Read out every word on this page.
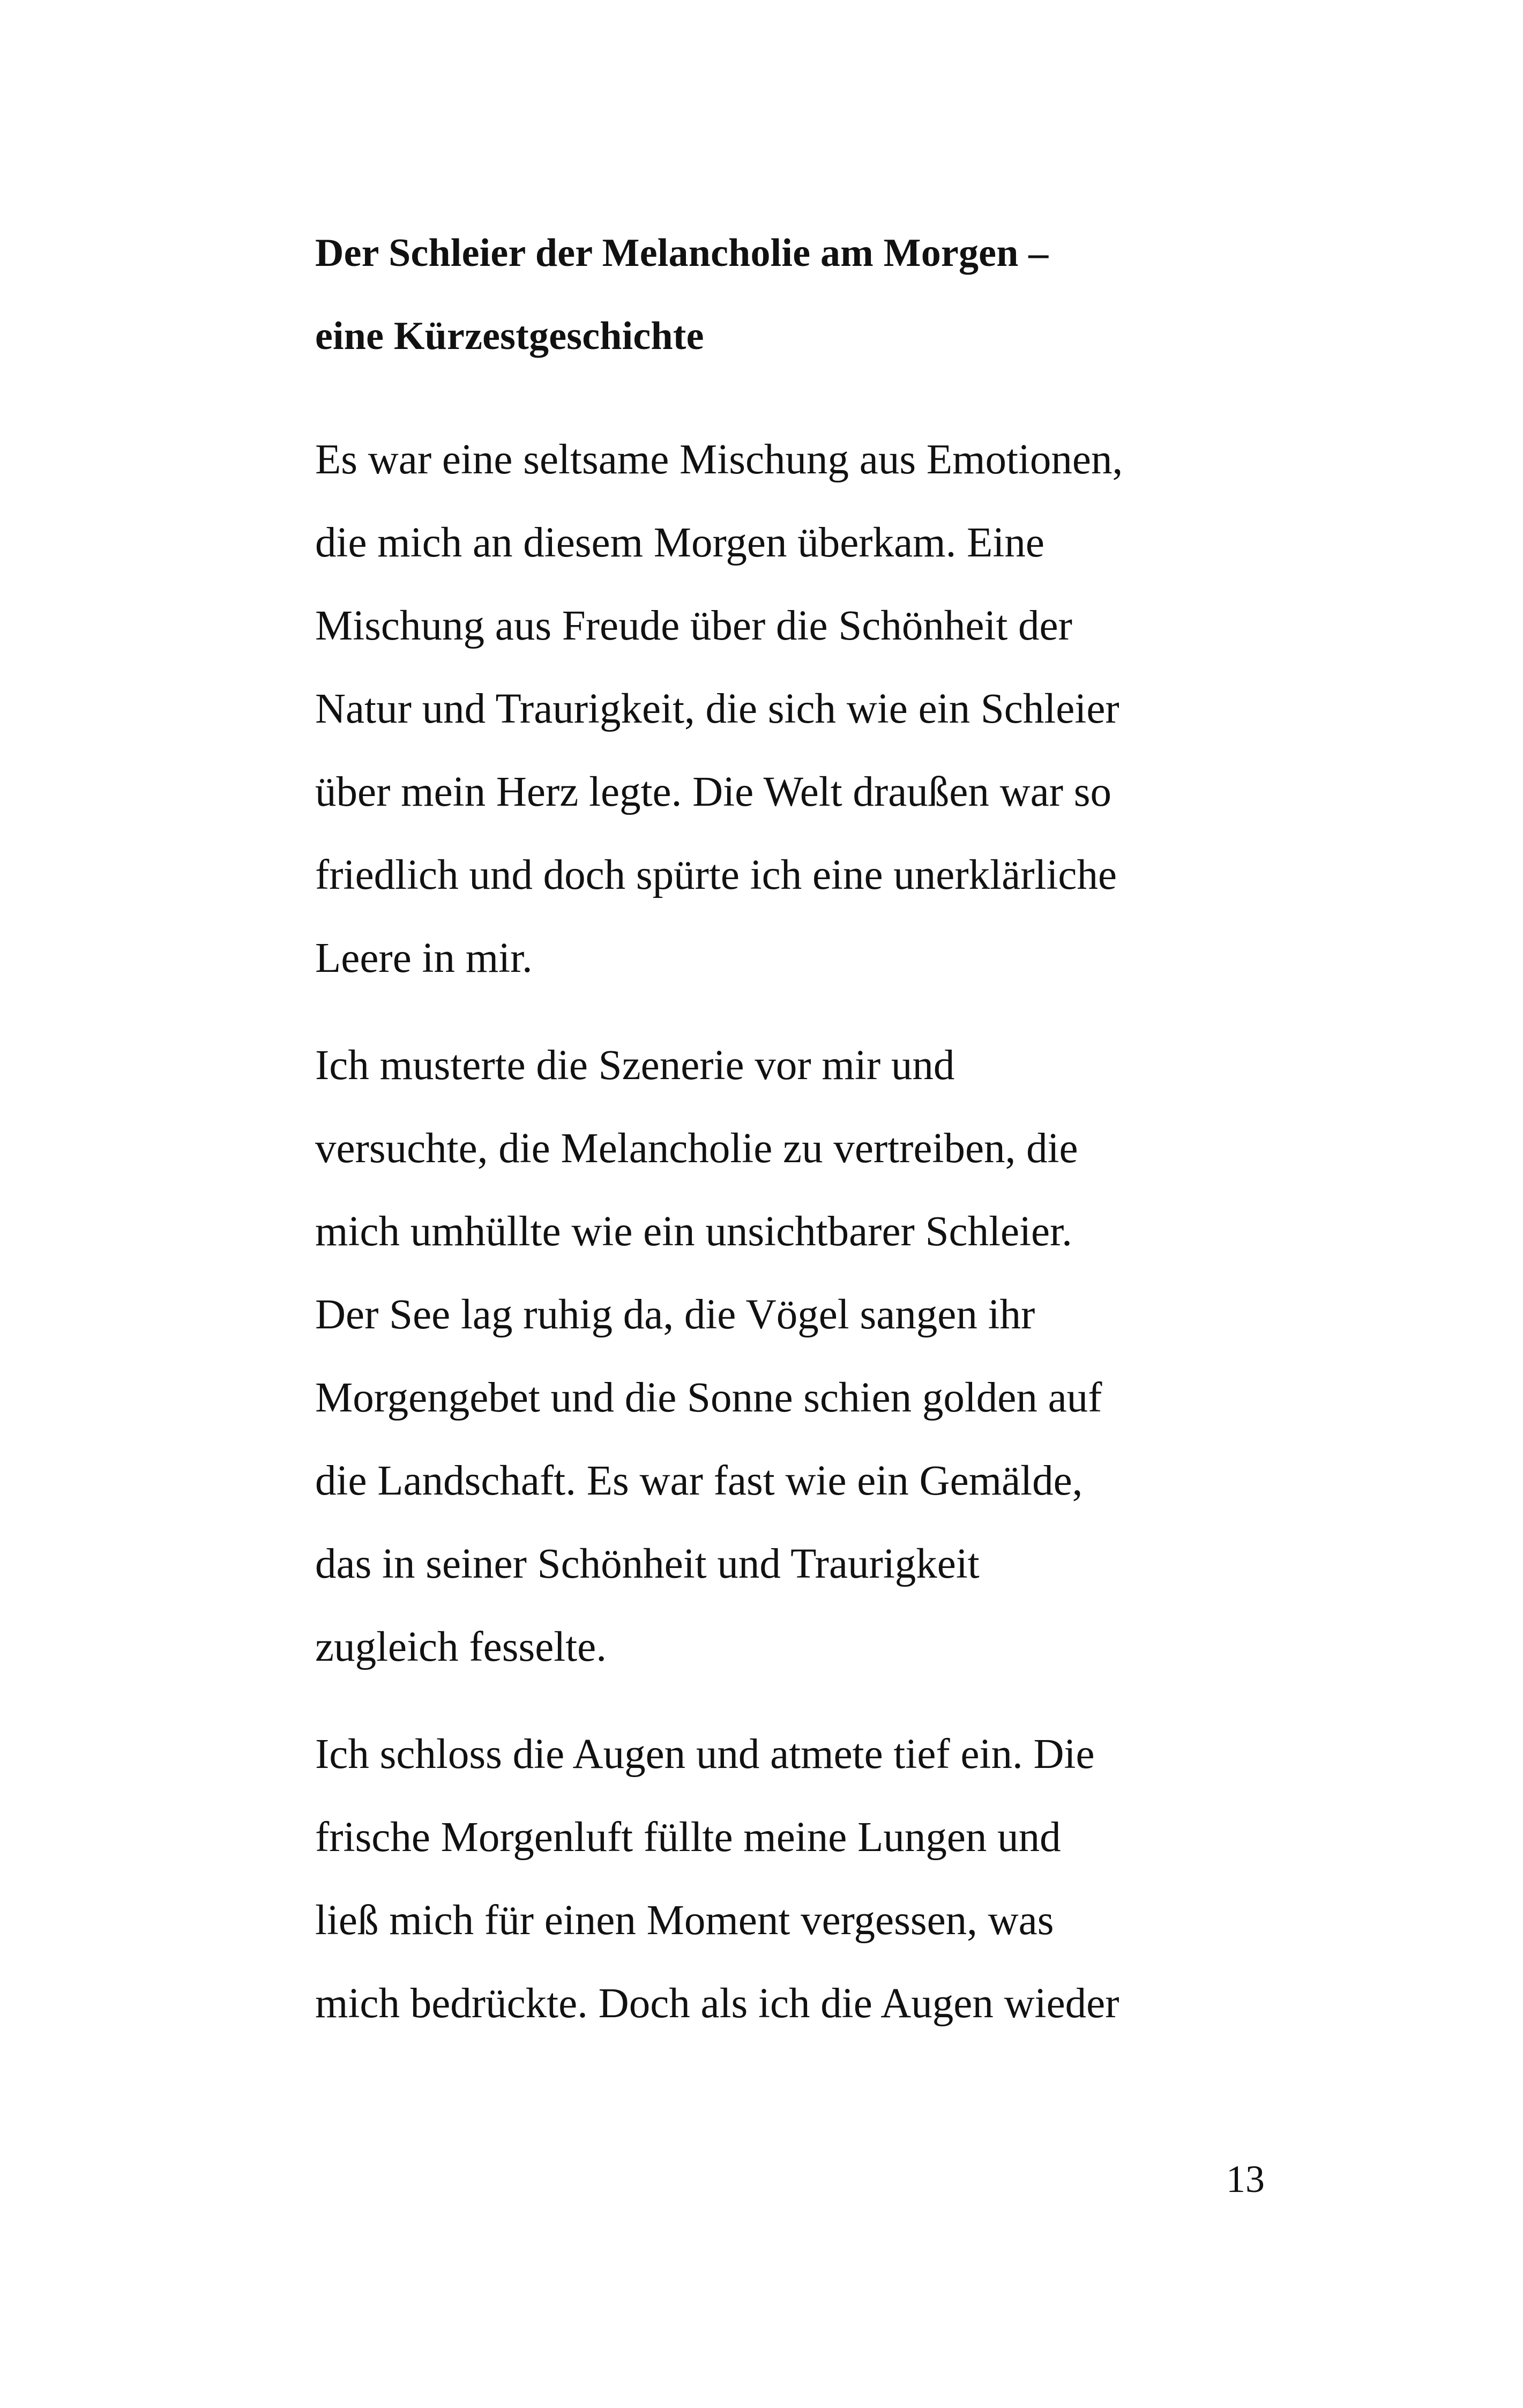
Der Schleier der Melancholie am Morgen –
eine Kürzestgeschichte

Es war eine seltsame Mischung aus Emotionen,
die mich an diesem Morgen überkam. Eine
Mischung aus Freude über die Schönheit der
Natur und Traurigkeit, die sich wie ein Schleier
über mein Herz legte. Die Welt draußen war so
friedlich und doch spürte ich eine unerklärliche
Leere in mir.

Ich musterte die Szenerie vor mir und
versuchte, die Melancholie zu vertreiben, die
mich umhüllte wie ein unsichtbarer Schleier.
Der See lag ruhig da, die Vögel sangen ihr
Morgengebet und die Sonne schien golden auf
die Landschaft. Es war fast wie ein Gemälde,
das in seiner Schönheit und Traurigkeit
zugleich fesselte.

Ich schloss die Augen und atmete tief ein. Die
frische Morgenluft füllte meine Lungen und
ließ mich für einen Moment vergessen, was
mich bedrückte. Doch als ich die Augen wieder

13
